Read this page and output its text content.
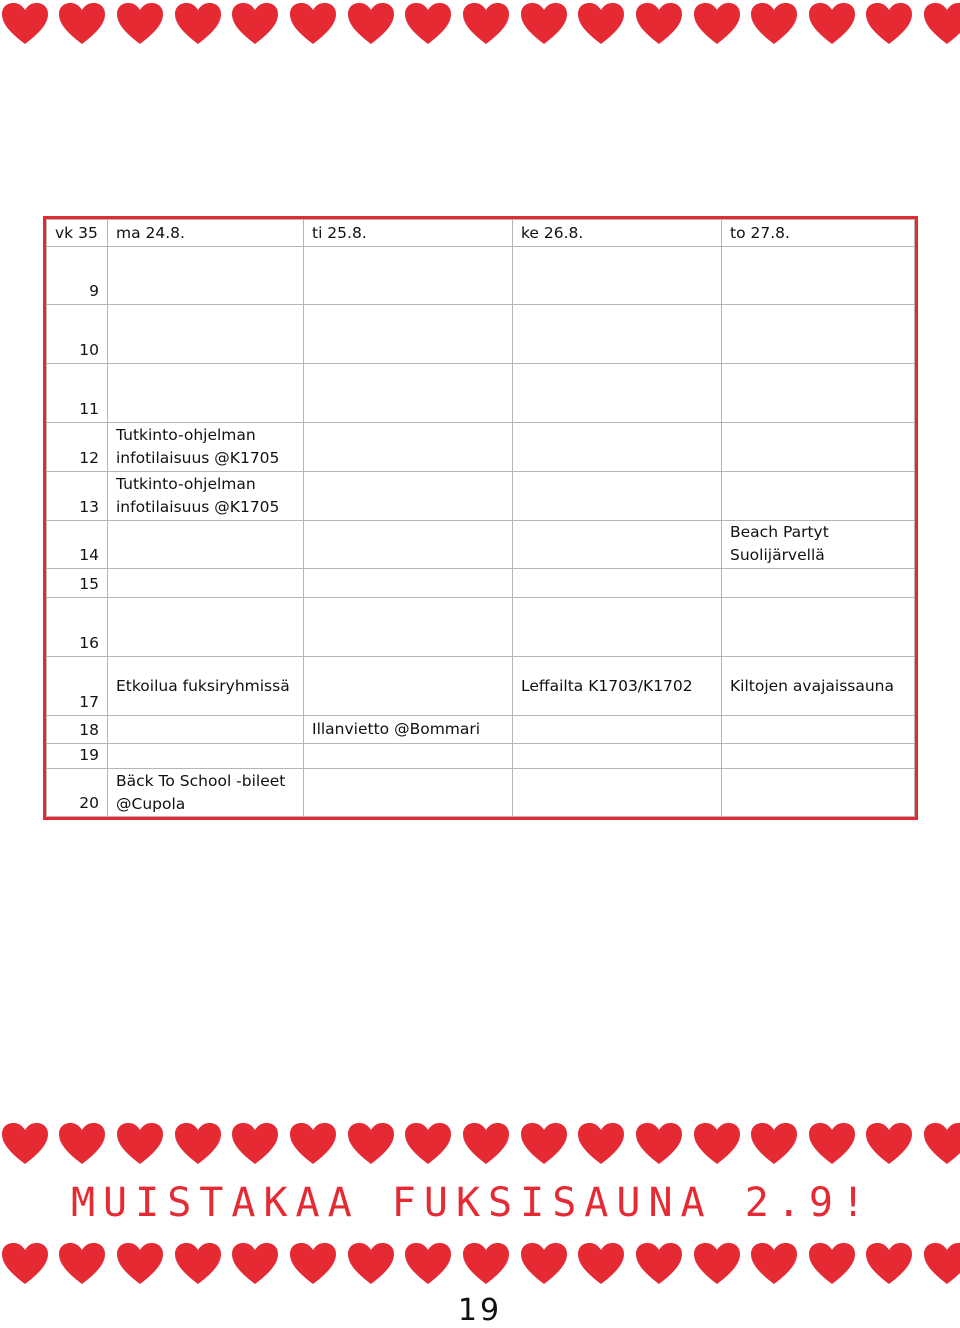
vk 35	ma 24.8.	ti 25.8.	ke 26.8.	to 27.8.
9				
10				
11				
12	Tutkinto-ohjelman
infotilaisuus @K1705			

13	Tutkinto-ohjelman
infotilaisuus @K1705			

14				Beach Partyt
Suolijärvellä

15				
16				
17	Etkoilua fuksiryhmissä		Leffailta K1703/K1702	Kiltojen avajaissauna

18		Illanvietto @Bommari		

19				
20	Bäck To School -bileet
@Cupola			

MUISTAKAA FUKSISAUNA 2.9!
19
